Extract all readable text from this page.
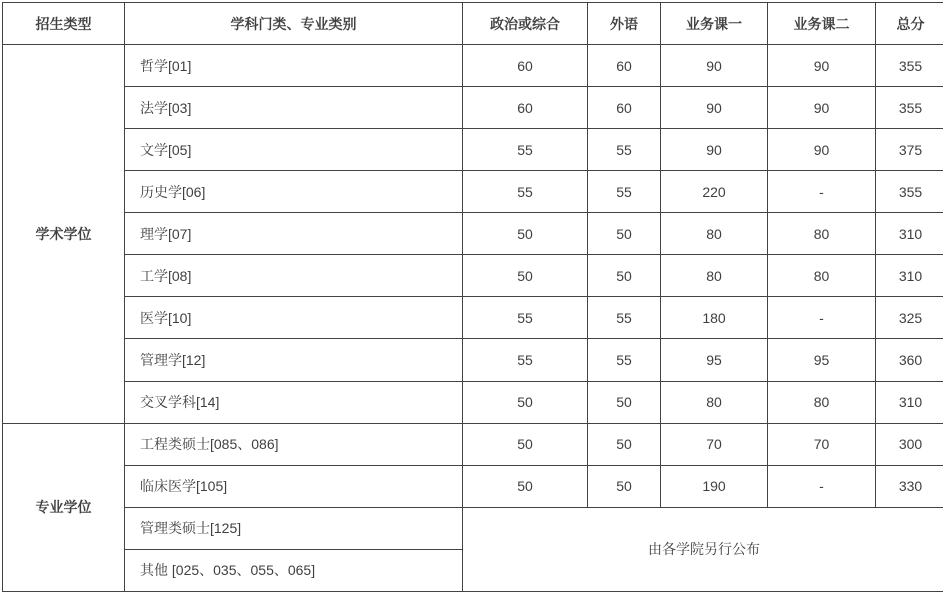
招生类型	学科门类、专业类别	政治或综合	外语	业务课一	业务课二	总分
学术学位	哲学[01]	60	60	90	90	355
	法学[03]	60	60	90	90	355
	文学[05]	55	55	90	90	375
	历史学[06]	55	55	220	-	355
	理学[07]	50	50	80	80	310
	工学[08]	50	50	80	80	310
	医学[10]	55	55	180	-	325
	管理学[12]	55	55	95	95	360
	交叉学科[14]	50	50	80	80	310
专业学位	工程类硕士[085、086]	50	50	70	70	300
	临床医学[105]	50	50	190	-	330
	管理类硕士[125]	由各学院另行公布				
	其他 [025、035、055、065]					
